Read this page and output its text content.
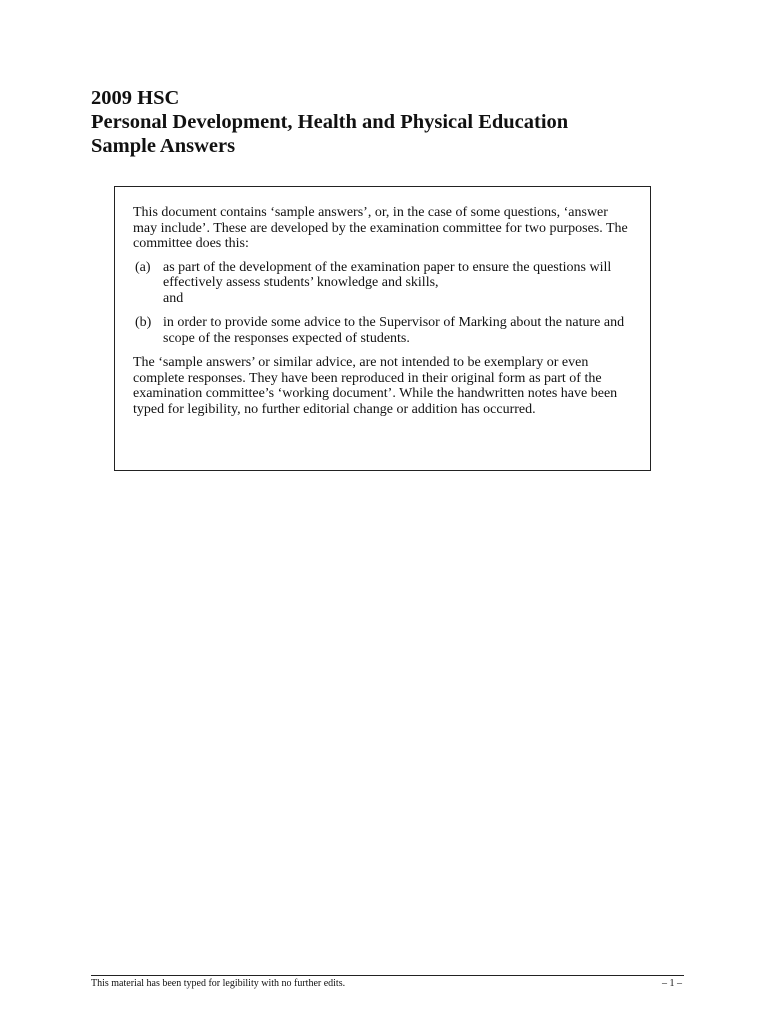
2009 HSC

Personal Development, Health and Physical Education

Sample Answers

This document contains ‘sample answers’, or, in the case of some questions, ‘answer may include’. These are developed by the examination committee for two purposes. The committee does this:

(a) as part of the development of the examination paper to ensure the questions will effectively assess students’ knowledge and skills,
and
(b) in order to provide some advice to the Supervisor of Marking about the nature and scope of the responses expected of students.

The ‘sample answers’ or similar advice, are not intended to be exemplary or even complete responses. They have been reproduced in their original form as part of the examination committee’s ‘working document’. While the handwritten notes have been typed for legibility, no further editorial change or addition has occurred.

This material has been typed for legibility with no further edits.	– 1 –
